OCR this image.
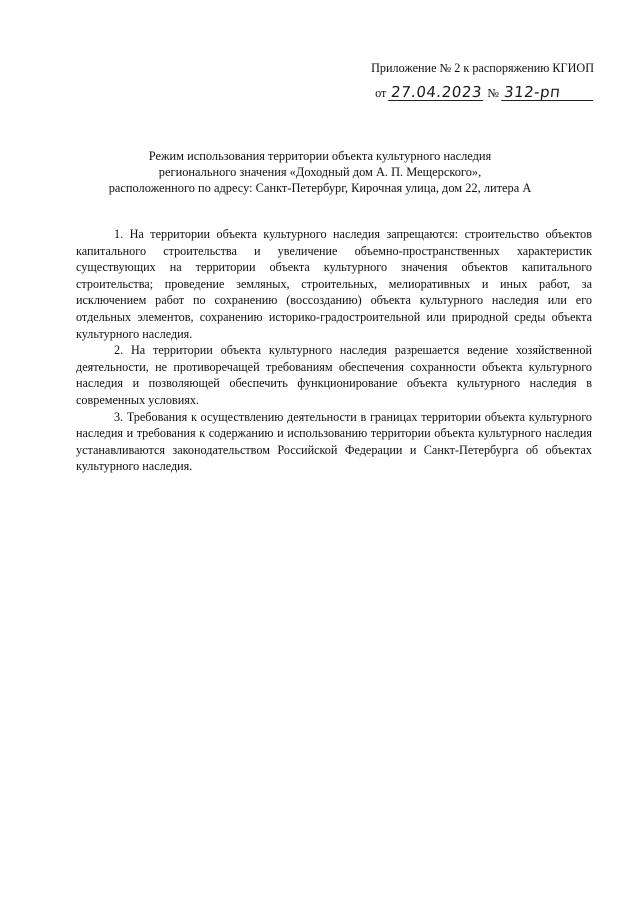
Приложение № 2 к распоряжению КГИОП
от 27.04.2023 № 312-рп
Режим использования территории объекта культурного наследия
регионального значения «Доходный дом А. П. Мещерского»,
расположенного по адресу: Санкт-Петербург, Кирочная улица, дом 22, литера А

1. На территории объекта культурного наследия запрещаются: строительство объектов капитального строительства и увеличение объемно-пространственных характеристик существующих на территории объекта культурного значения объектов капитального строительства; проведение земляных, строительных, мелиоративных и иных работ, за исключением работ по сохранению (воссозданию) объекта культурного наследия или его отдельных элементов, сохранению историко-градостроительной или природной среды объекта культурного наследия.

2. На территории объекта культурного наследия разрешается ведение хозяйственной деятельности, не противоречащей требованиям обеспечения сохранности объекта культурного наследия и позволяющей обеспечить функционирование объекта культурного наследия в современных условиях.

3. Требования к осуществлению деятельности в границах территории объекта культурного наследия и требования к содержанию и использованию территории объекта культурного наследия устанавливаются законодательством Российской Федерации и Санкт-Петербурга об объектах культурного наследия.
